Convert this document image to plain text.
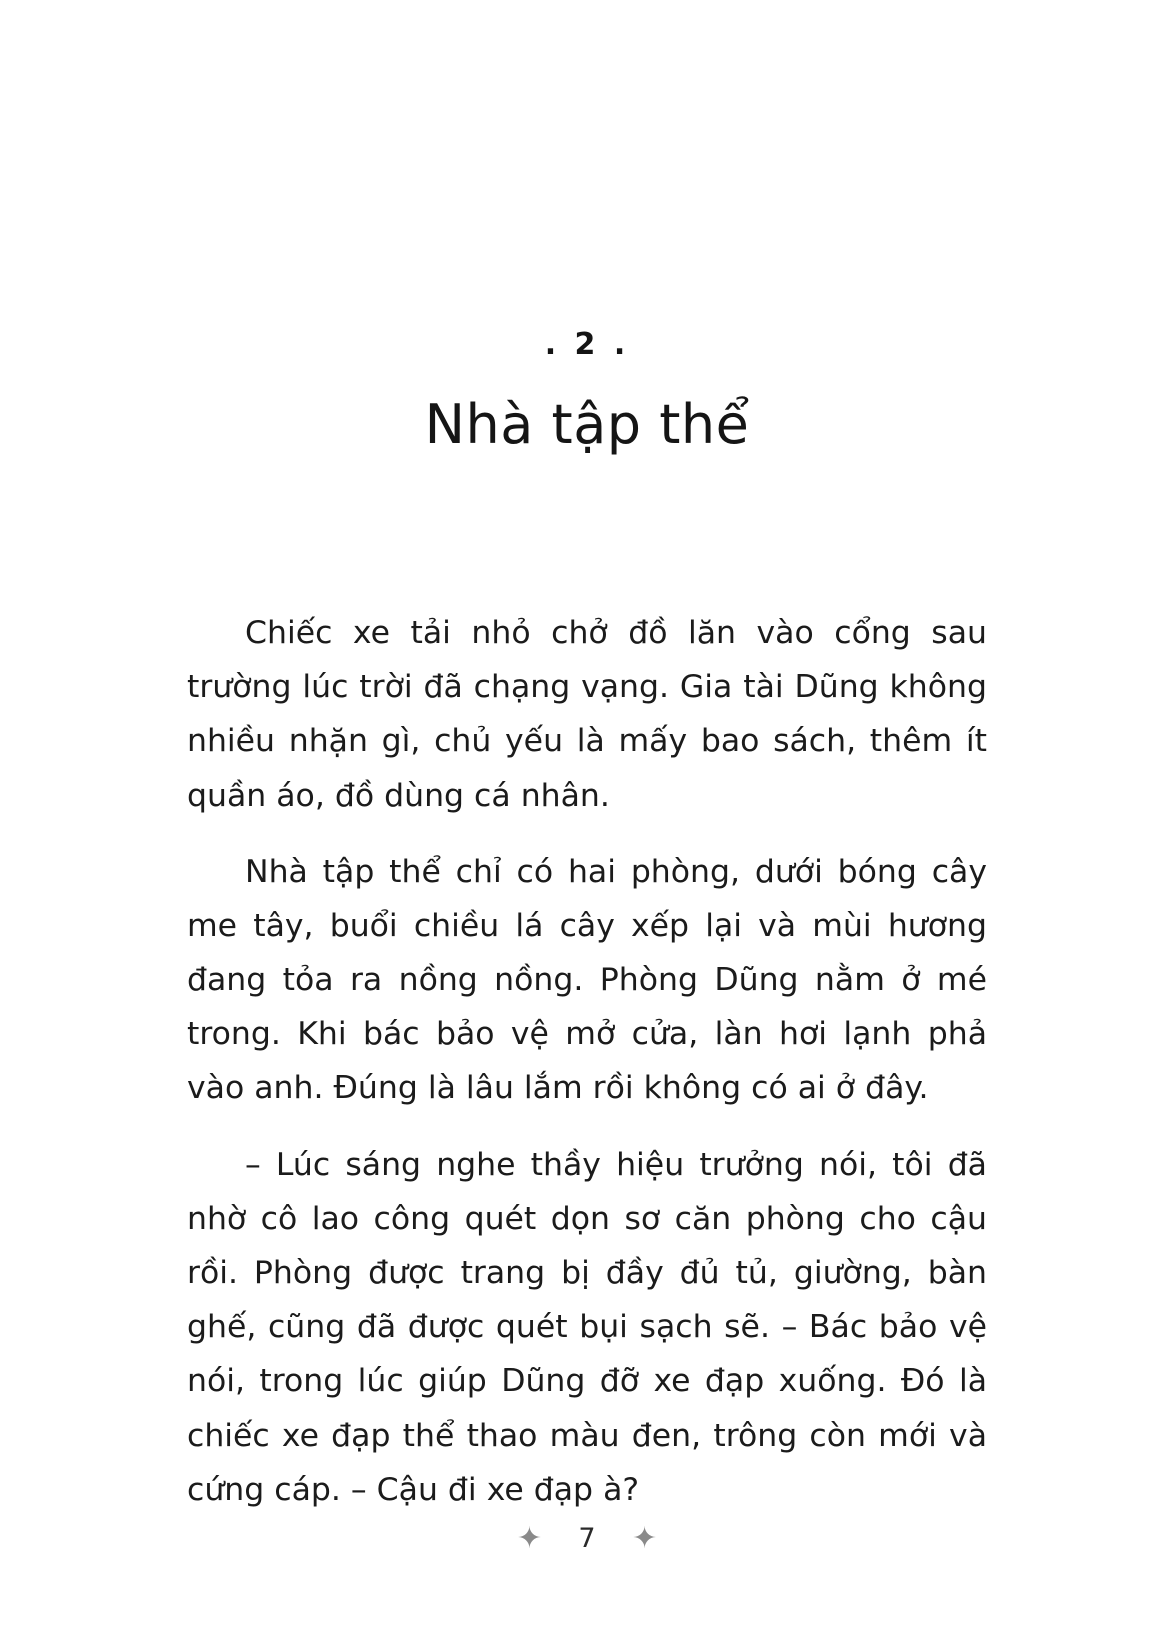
. 2 .
Nhà tập thể

Chiếc xe tải nhỏ chở đồ lăn vào cổng sau trường lúc trời đã chạng vạng. Gia tài Dũng không nhiều nhặn gì, chủ yếu là mấy bao sách, thêm ít quần áo, đồ dùng cá nhân.

Nhà tập thể chỉ có hai phòng, dưới bóng cây me tây, buổi chiều lá cây xếp lại và mùi hương đang tỏa ra nồng nồng. Phòng Dũng nằm ở mé trong. Khi bác bảo vệ mở cửa, làn hơi lạnh phả vào anh. Đúng là lâu lắm rồi không có ai ở đây.

– Lúc sáng nghe thầy hiệu trưởng nói, tôi đã nhờ cô lao công quét dọn sơ căn phòng cho cậu rồi. Phòng được trang bị đầy đủ tủ, giường, bàn ghế, cũng đã được quét bụi sạch sẽ. – Bác bảo vệ nói, trong lúc giúp Dũng đỡ xe đạp xuống. Đó là chiếc xe đạp thể thao màu đen, trông còn mới và cứng cáp. – Cậu đi xe đạp à?

✦ 7 ✦
